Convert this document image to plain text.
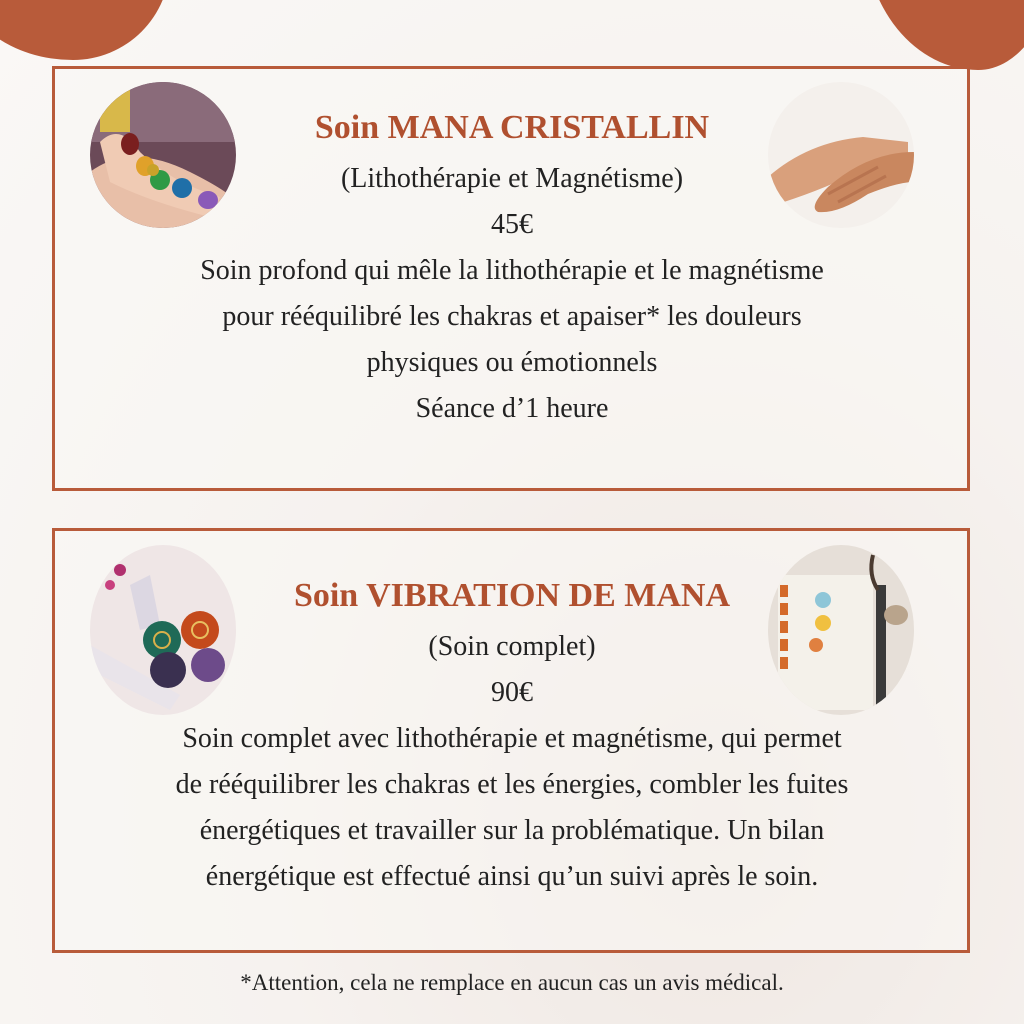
Soin MANA CRISTALLIN

(Lithothérapie et Magnétisme)

45€

Soin profond qui mêle la lithothérapie et le magnétisme

pour rééquilibré les chakras et apaiser* les douleurs

physiques ou émotionnels

Séance d’1 heure

Soin VIBRATION DE MANA

(Soin complet)

90€

Soin complet avec lithothérapie et magnétisme, qui permet

de rééquilibrer les chakras et les énergies, combler les fuites

énergétiques et travailler sur la problématique. Un bilan

énergétique est effectué ainsi qu’un suivi après le soin.

*Attention, cela ne remplace en aucun cas un avis médical.
